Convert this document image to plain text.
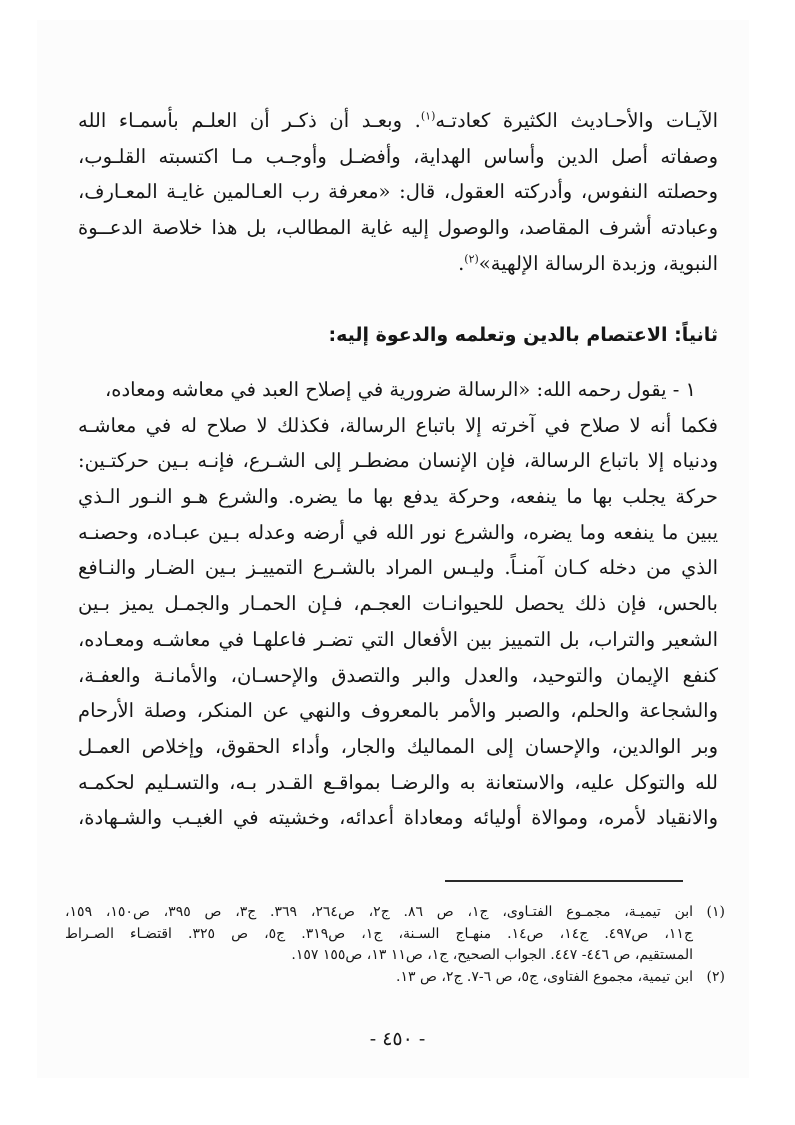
الآيـات والأحـاديث الكثيرة كعادتـه$^{(١)}$. وبعـد أن ذكـر أن العلـم بأسمـاء الله
وصفاته أصل الدين وأساس الهداية، وأفضـل وأوجـب مـا اكتسبته القلـوب،
وحصلته النفوس، وأدركته العقول، قال: «معرفة رب العـالمين غايـة المعـارف،
وعبادته أشرف المقاصد، والوصول إليه غاية المطالب، بل هذا خلاصة الدعــوة
النبوية، وزبدة الرسالة الإلهية»$^{(٢)}$.
ثانياً: الاعتصام بالدين وتعلمه والدعوة إليه:
١ - يقول رحمه الله: «الرسالة ضرورية في إصلاح العبد في معاشه ومعاده،
فكما أنه لا صلاح في آخرته إلا باتباع الرسالة، فكذلك لا صلاح له في معاشـه
ودنياه إلا باتباع الرسالة، فإن الإنسان مضطـر إلى الشـرع، فإنـه بـين حركتـين:
حركة يجلب بها ما ينفعه، وحركة يدفع بها ما يضره. والشرع هـو النـور الـذي
يبين ما ينفعه وما يضره، والشرع نور الله في أرضه وعدله بـين عبـاده، وحصنـه
الذي من دخله كـان آمنـاً. وليـس المراد بالشـرع التمييـز بـين الضـار والنـافع
بالحس، فإن ذلك يحصل للحيوانـات العجـم، فـإن الحمـار والجمـل يميز بـين
الشعير والتراب، بل التمييز بين الأفعال التي تضـر فاعلهـا في معاشـه ومعـاده،
كنفع الإيمان والتوحيد، والعدل والبر والتصدق والإحسـان، والأمانـة والعفـة،
والشجاعة والحلم، والصبر والأمر بالمعروف والنهي عن المنكر، وصلة الأرحام
وبر الوالدين، والإحسان إلى المماليك والجار، وأداء الحقوق، وإخلاص العمـل
لله والتوكل عليه، والاستعانة به والرضـا بمواقـع القـدر بـه، والتسـليم لحكمـه
والانقياد لأمره، وموالاة أوليائه ومعاداة أعدائه، وخشيته في الغيـب والشـهادة،
(١)
ابن تيميـة، مجمـوع الفتـاوى، ج١، ص ٨٦. ج٢، ص٢٦٤، ٣٦٩. ج٣، ص ٣٩٥، ص١٥٠، ١٥٩،
ج١١، ص٤٩٧. ج١٤، ص١٤. منهـاج السـنة، ج١، ص٣١٩. ج٥، ص ٣٢٥. اقتضـاء الصـراط
المستقيم، ص ٤٤٦- ٤٤٧. الجواب الصحيح، ج١، ص١١ ١٣، ص١٥٥ ١٥٧.
(٢)
ابن تيمية، مجموع الفتاوى، ج٥، ص ٦-٧. ج٢، ص ١٣.
- ٤٥٠ -
